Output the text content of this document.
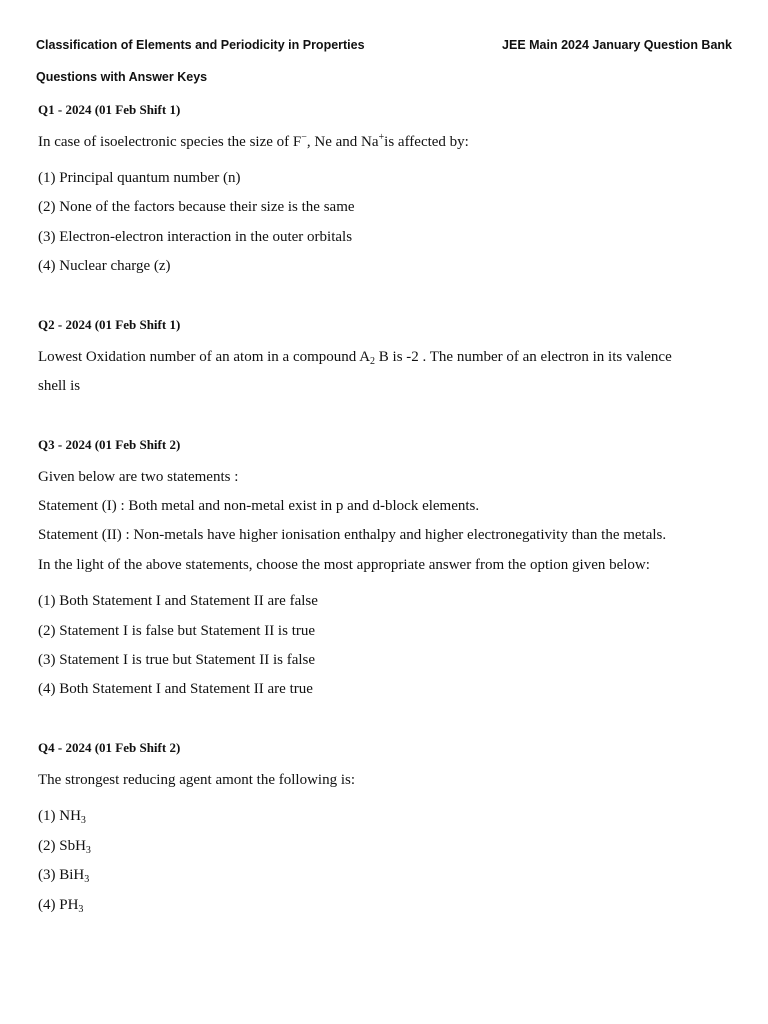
Classification of Elements and Periodicity in Properties	JEE Main 2024 January Question Bank
Questions with Answer Keys
Q1 - 2024 (01 Feb Shift 1)
In case of isoelectronic species the size of F−, Ne and Na+is affected by:
(1) Principal quantum number (n)
(2) None of the factors because their size is the same
(3) Electron-electron interaction in the outer orbitals
(4) Nuclear charge (z)
Q2 - 2024 (01 Feb Shift 1)
Lowest Oxidation number of an atom in a compound $A_2$ B is -2 . The number of an electron in its valence
shell is
Q3 - 2024 (01 Feb Shift 2)
Given below are two statements :
Statement (I) : Both metal and non-metal exist in p and d-block elements.
Statement (II) : Non-metals have higher ionisation enthalpy and higher electronegativity than the metals.
In the light of the above statements, choose the most appropriate answer from the option given below:
(1) Both Statement I and Statement II are false
(2) Statement I is false but Statement II is true
(3) Statement I is true but Statement II is false
(4) Both Statement I and Statement II are true
Q4 - 2024 (01 Feb Shift 2)
The strongest reducing agent amont the following is:
(1) $NH_3$
(2) SbH$_3$
(3) BiH$_3$
(4) $PH_3$
